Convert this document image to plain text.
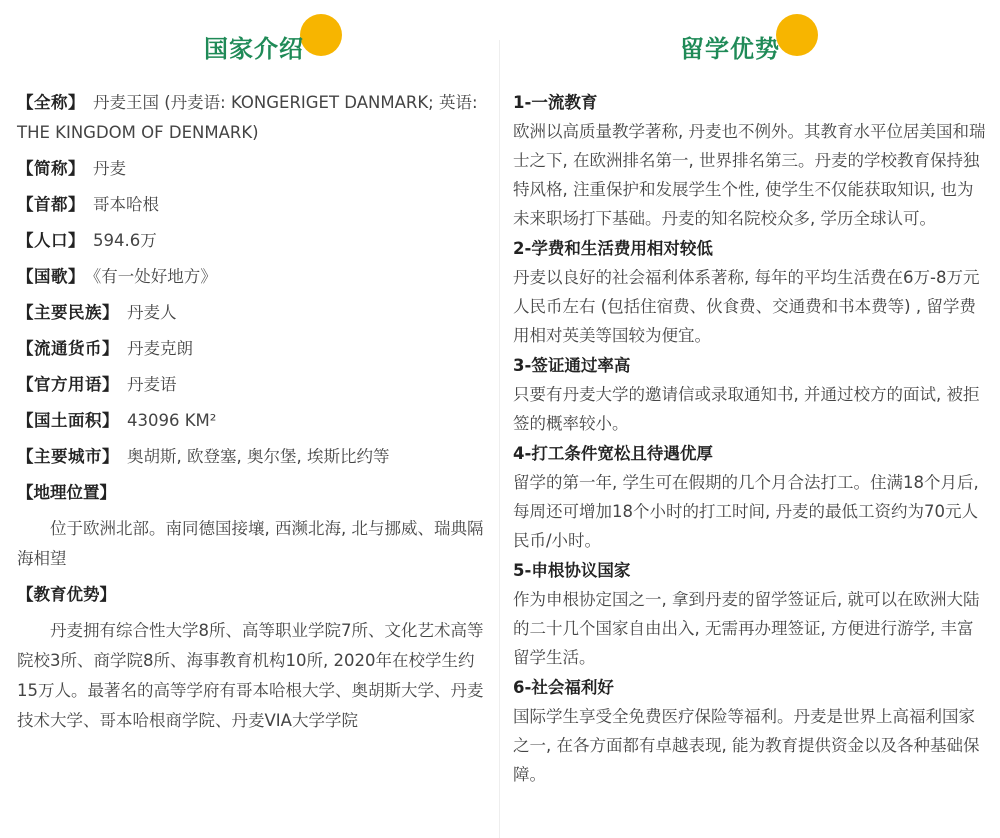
国家介绍	留学优势
【全称】 丹麦王国 (丹麦语: KONGERIGET DANMARK; 英语: THE KINGDOM OF DENMARK)
【简称】 丹麦
【首都】 哥本哈根
【人口】 594.6万
【国歌】 《有一处好地方》
【主要民族】 丹麦人
【流通货币】 丹麦克朗
【官方用语】 丹麦语
【国土面积】 43096 KM²
【主要城市】 奥胡斯, 欧登塞, 奥尔堡, 埃斯比约等
【地理位置】
位于欧洲北部。南同德国接壤, 西濒北海, 北与挪威、瑞典隔海相望
【教育优势】
丹麦拥有综合性大学8所、高等职业学院7所、文化艺术高等院校3所、商学院8所、海事教育机构10所, 2020年在校学生约15万人。最著名的高等学府有哥本哈根大学、奥胡斯大学、丹麦技术大学、哥本哈根商学院、丹麦VIA大学学院
1-一流教育
欧洲以高质量教学著称, 丹麦也不例外。其教育水平位居美国和瑞士之下, 在欧洲排名第一, 世界排名第三。丹麦的学校教育保持独特风格, 注重保护和发展学生个性, 使学生不仅能获取知识, 也为未来职场打下基础。丹麦的知名院校众多, 学历全球认可。
2-学费和生活费用相对较低
丹麦以良好的社会福利体系著称, 每年的平均生活费在6万-8万元人民币左右 (包括住宿费、伙食费、交通费和书本费等) , 留学费用相对英美等国较为便宜。
3-签证通过率高
只要有丹麦大学的邀请信或录取通知书, 并通过校方的面试, 被拒签的概率较小。
4-打工条件宽松且待遇优厚
留学的第一年, 学生可在假期的几个月合法打工。住满18个月后, 每周还可增加18个小时的打工时间, 丹麦的最低工资约为70元人民币/小时。
5-申根协议国家
作为申根协定国之一, 拿到丹麦的留学签证后, 就可以在欧洲大陆的二十几个国家自由出入, 无需再办理签证, 方便进行游学, 丰富留学生活。
6-社会福利好
国际学生享受全免费医疗保险等福利。丹麦是世界上高福利国家之一, 在各方面都有卓越表现, 能为教育提供资金以及各种基础保障。
